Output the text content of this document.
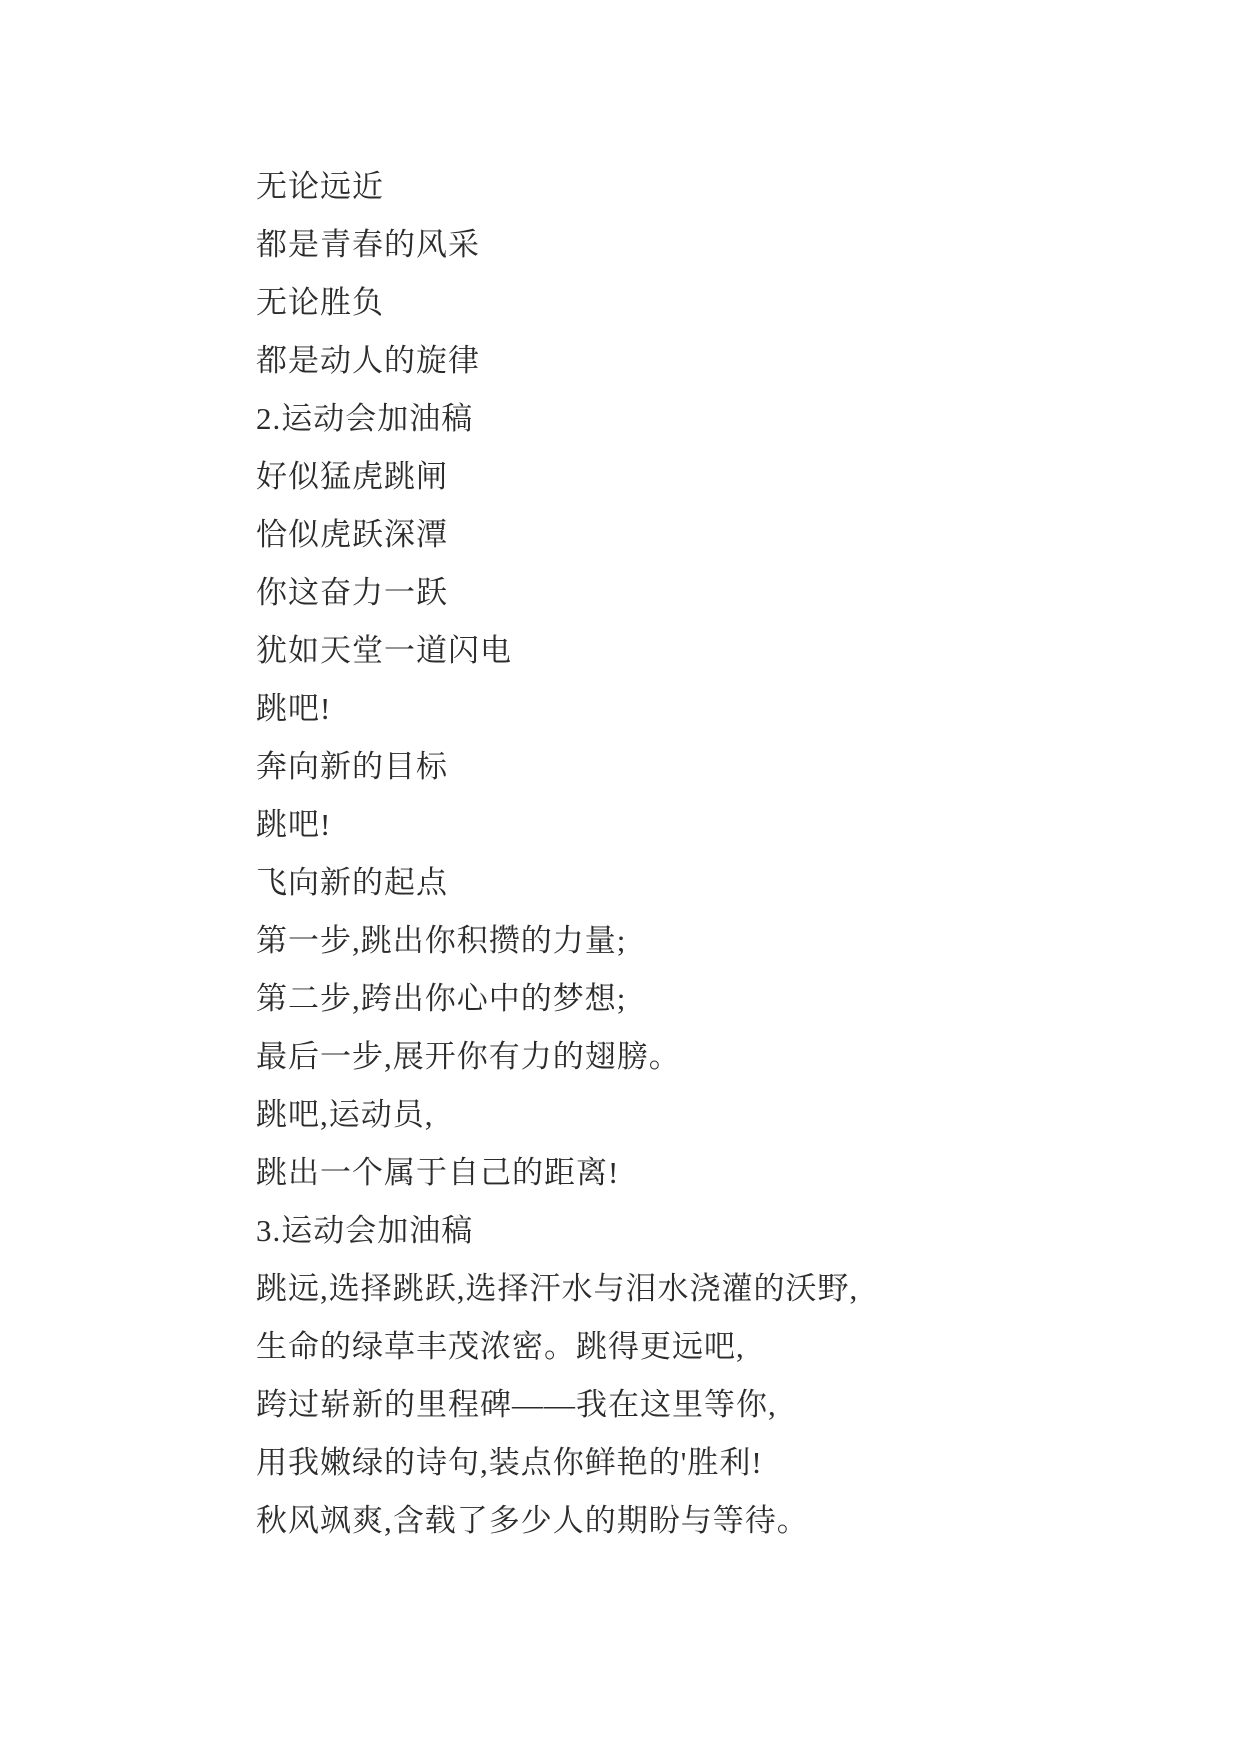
无论远近

都是青春的风采

无论胜负

都是动人的旋律

2.运动会加油稿

好似猛虎跳闸

恰似虎跃深潭

你这奋力一跃

犹如天堂一道闪电

跳吧!

奔向新的目标

跳吧!

飞向新的起点

第一步,跳出你积攒的力量;

第二步,跨出你心中的梦想;

最后一步,展开你有力的翅膀。

跳吧,运动员,

跳出一个属于自己的距离!

3.运动会加油稿

跳远,选择跳跃,选择汗水与泪水浇灌的沃野,

生命的绿草丰茂浓密。跳得更远吧,

跨过崭新的里程碑——我在这里等你,

用我嫩绿的诗句,装点你鲜艳的'胜利!

秋风飒爽,含载了多少人的期盼与等待。
